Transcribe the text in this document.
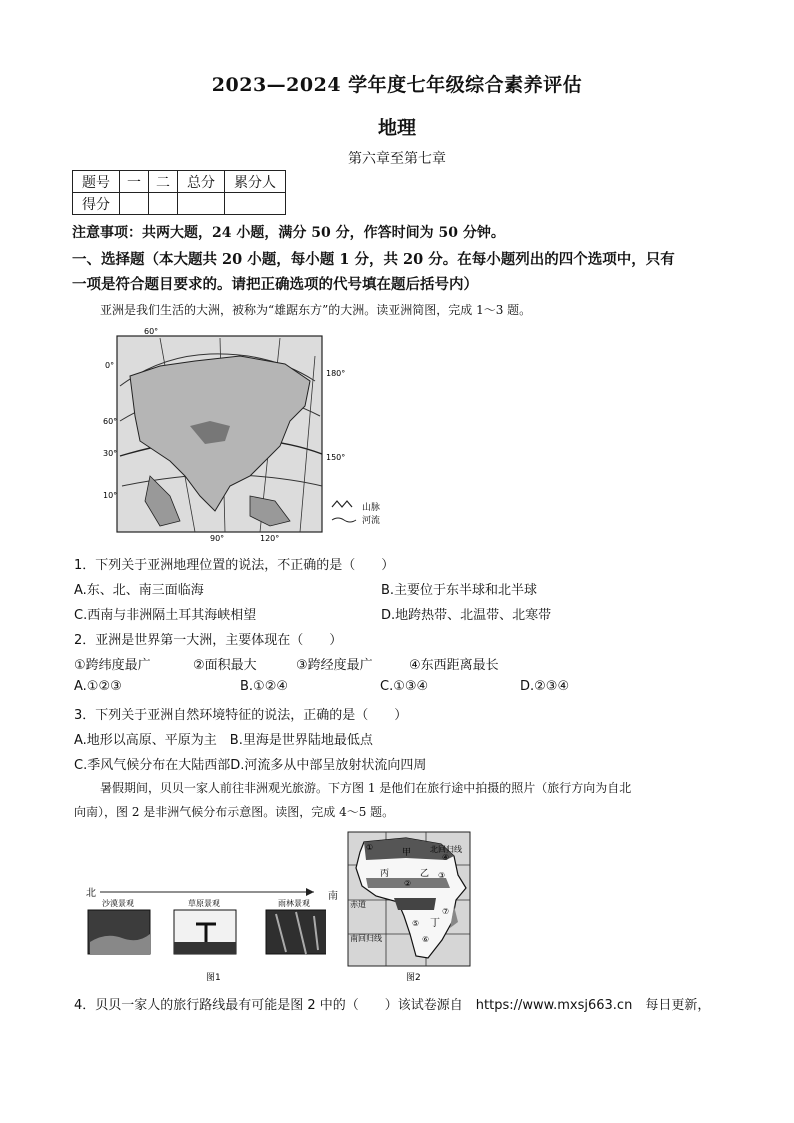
2023—2024 学年度七年级综合素养评估
地理
第六章至第七章
题号	一	二	总分	累分人
得分				
注意事项：共两大题，24 小题，满分 50 分，作答时间为 50 分钟。
一、选择题（本大题共 20 小题，每小题 1 分，共 20 分。在每小题列出的四个选项中，只有
一项是符合题目要求的。请把正确选项的代号填在题后括号内）
亚洲是我们生活的大洲，被称为“雄踞东方”的大洲。读亚洲简图，完成 1～3 题。
60°
0°
60°
30°
10°
180°
150°
90°	120°
山脉
河流
1．下列关于亚洲地理位置的说法，不正确的是（　　）
A.东、北、南三面临海	B.主要位于东半球和北半球
C.西南与非洲隔土耳其海峡相望	D.地跨热带、北温带、北寒带
2．亚洲是世界第一大洲，主要体现在（　　）
①跨纬度最广	②面积最大	③跨经度最广	④东西距离最长
A.①②③	B.①②④	C.①③④	D.②③④
3．下列关于亚洲自然环境特征的说法，正确的是（　　）
A.地形以高原、平原为主　B.里海是世界陆地最低点
C.季风气候分布在大陆西部D.河流多从中部呈放射状流向四周
暑假期间，贝贝一家人前往非洲观光旅游。下方图 1 是他们在旅行途中拍摄的照片（旅行方向为自北
向南），图 2 是非洲气候分布示意图。读图，完成 4～5 题。
北
沙漠景观	草原景观	雨林景观
图1
南
①
甲
②
乙
丙	③
④
丁
⑤
⑥
⑦
北回归线
赤道
南回归线
图2
4．贝贝一家人的旅行路线最有可能是图 2 中的（　　）该试卷源自　https://www.mxsj663.cn　每日更新，
